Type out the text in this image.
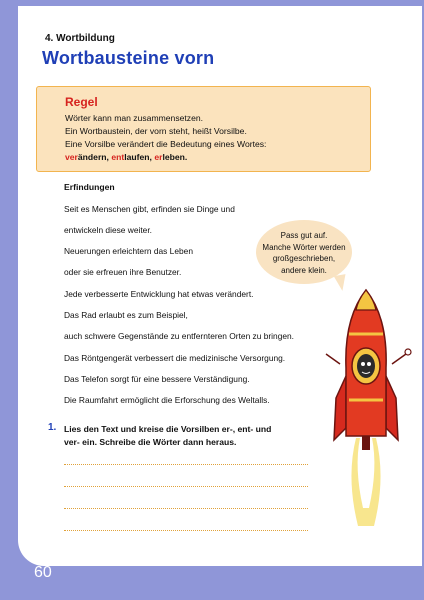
4. Wortbildung
Wortbausteine vorn
Regel
Wörter kann man zusammensetzen.
Ein Wortbaustein, der vorn steht, heißt Vorsilbe.
Eine Vorsilbe verändert die Bedeutung eines Wortes:
verändern, entlaufen, erleben.
Erfindungen
Seit es Menschen gibt, erfinden sie Dinge und
entwickeln diese weiter.
Neuerungen erleichtern das Leben
oder sie erfreuen ihre Benutzer.
Jede verbesserte Entwicklung hat etwas verändert.
Das Rad erlaubt es zum Beispiel,
auch schwere Gegenstände zu entfernteren Orten zu bringen.
Das Röntgengerät verbessert die medizinische Versorgung.
Das Telefon sorgt für eine bessere Verständigung.
Die Raumfahrt ermöglicht die Erforschung des Weltalls.
Pass gut auf.
Manche Wörter werden
großgeschrieben,
andere klein.
1. Lies den Text und kreise die Vorsilben er-, ent- und
ver- ein. Schreibe die Wörter dann heraus.
60
